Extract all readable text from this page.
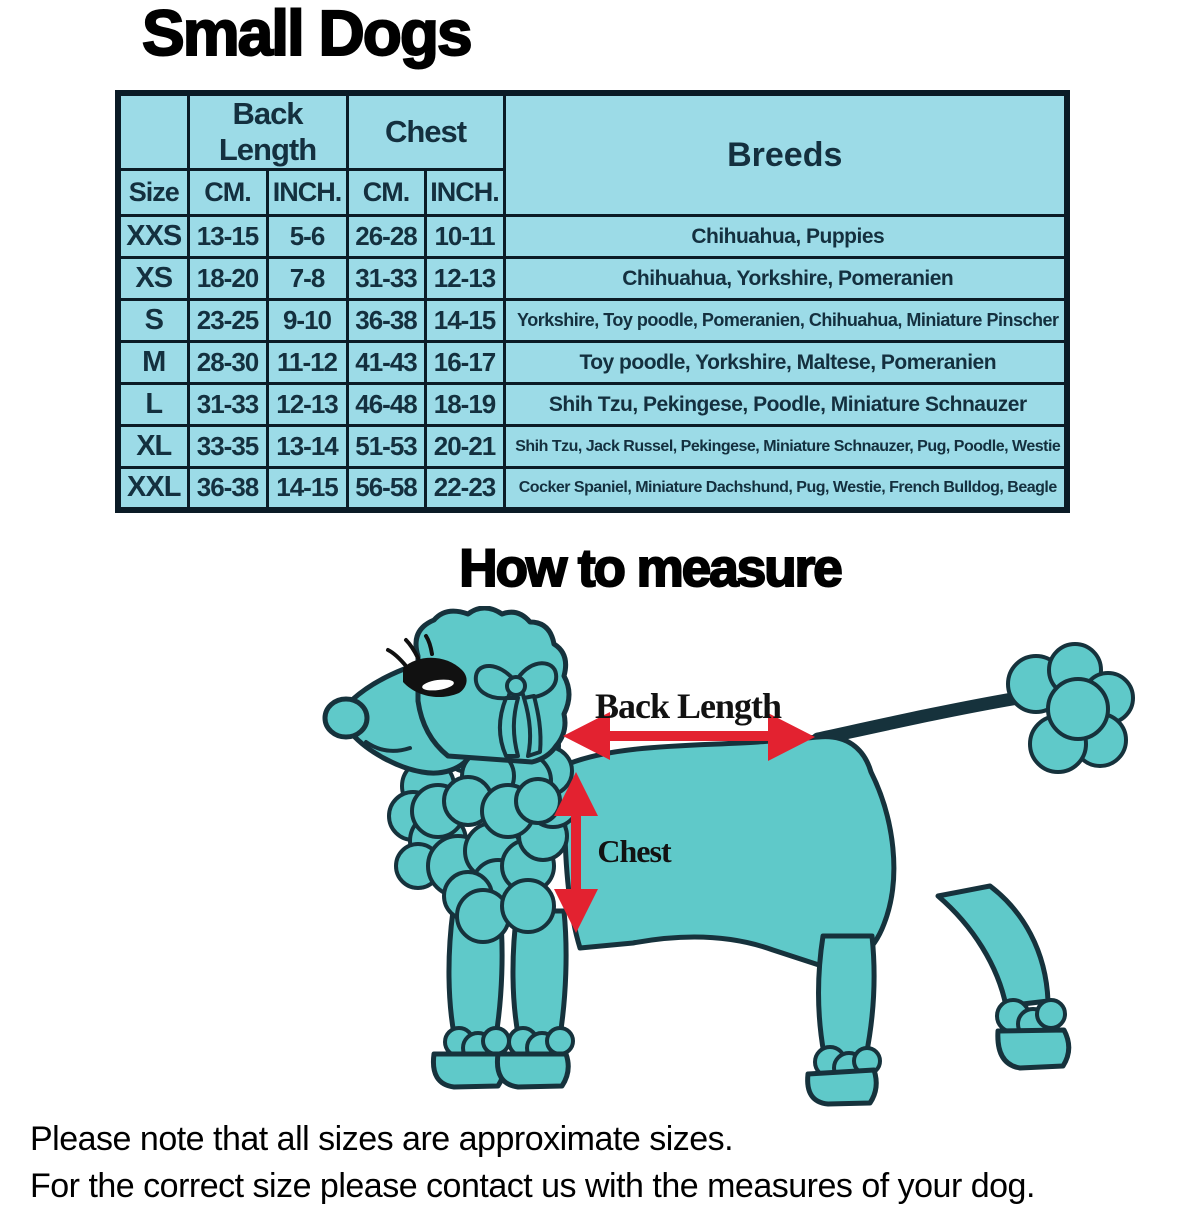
Small Dogs
	Back Length		Chest		Breeds
Size	CM.	INCH.	CM.	INCH.	
XXS	13-15	5-6	26-28	10-11	Chihuahua, Puppies

XS	18-20	7-8	31-33	12-13	Chihuahua, Yorkshire, Pomeranien

S	23-25	9-10	36-38	14-15	Yorkshire, Toy poodle, Pomeranien, Chihuahua, Miniature Pinscher

M	28-30	11-12	41-43	16-17	Toy poodle, Yorkshire, Maltese, Pomeranien

L	31-33	12-13	46-48	18-19	Shih Tzu, Pekingese, Poodle, Miniature Schnauzer

XL	33-35	13-14	51-53	20-21	Shih Tzu, Jack Russel, Pekingese, Miniature Schnauzer, Pug, Poodle, Westie

XXL	36-38	14-15	56-58	22-23	Cocker Spaniel, Miniature Dachshund, Pug, Westie, French Bulldog, Beagle
How to measure
Back Length
Chest
Please note that all sizes are approximate sizes.
For the correct size please contact us with the measures of your dog.
